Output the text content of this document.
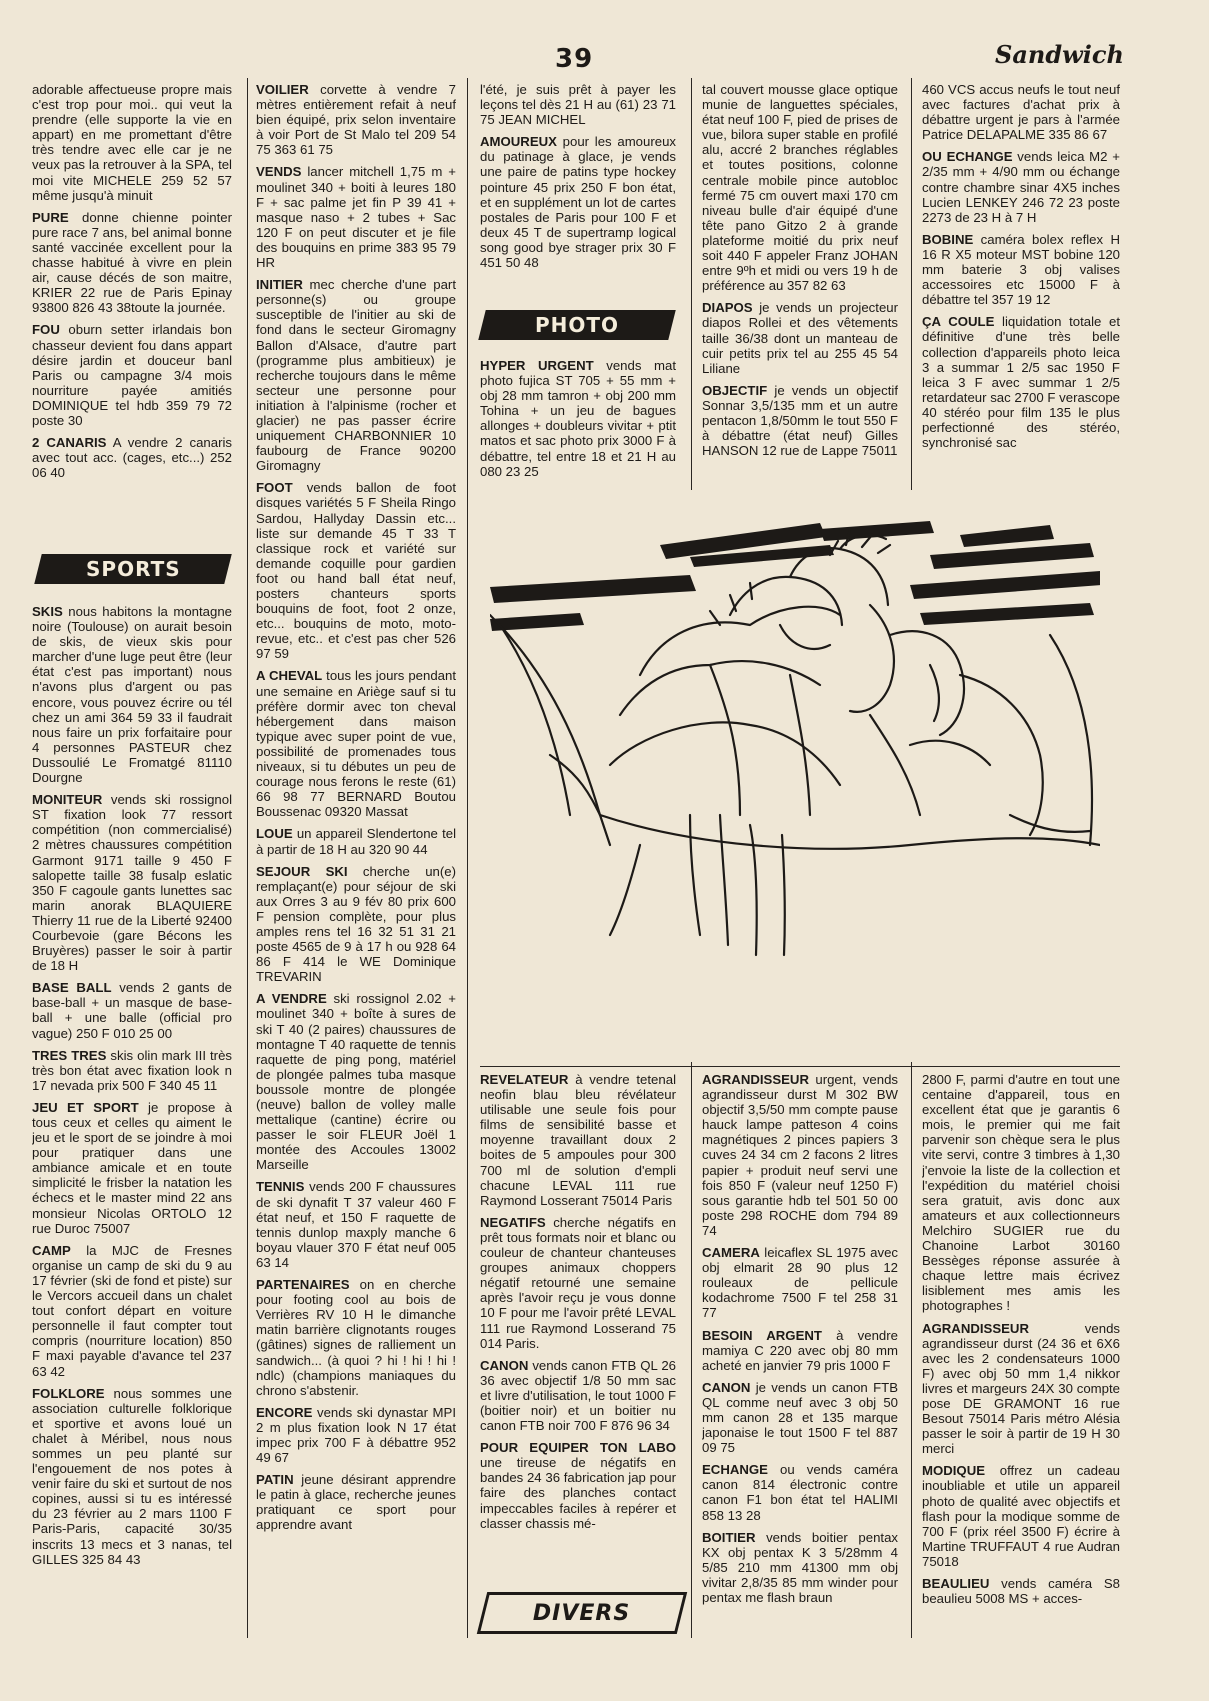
39	Sandwich

adorable affectueuse propre mais c'est trop pour moi.. qui veut la prendre (elle supporte la vie en appart) en me promettant d'être très tendre avec elle car je ne veux pas la retrouver à la SPA, tel moi vite MICHELE 259 52 57 même jusqu'à minuit

PURE donne chienne pointer pure race 7 ans, bel animal bonne santé vaccinée excellent pour la chasse habitué à vivre en plein air, cause décés de son maitre, KRIER 22 rue de Paris Epinay 93800 826 43 38toute la journée.

FOU oburn setter irlandais bon chasseur devient fou dans appart désire jardin et douceur banl Paris ou campagne 3/4 mois nourriture payée amitiés DOMINIQUE tel hdb 359 79 72 poste 30

2 CANARIS A vendre 2 canaris avec tout acc. (cages, etc...) 252 06 40

SPORTS

SKIS nous habitons la montagne noire (Toulouse) on aurait besoin de skis, de vieux skis pour marcher d'une luge peut être (leur état c'est pas important) nous n'avons plus d'argent ou pas encore, vous pouvez écrire ou tél chez un ami 364 59 33 il faudrait nous faire un prix forfaitaire pour 4 personnes PASTEUR chez Dussoulié Le Fromatgé 81110 Dourgne

MONITEUR vends ski rossignol ST fixation look 77 ressort compétition (non commercialisé) 2 mètres chaussures compétition Garmont 9171 taille 9 450 F salopette taille 38 fusalp eslatic 350 F cagoule gants lunettes sac marin anorak BLAQUIERE Thierry 11 rue de la Liberté 92400 Courbevoie (gare Bécons les Bruyères) passer le soir à partir de 18 H

BASE BALL vends 2 gants de base-ball + un masque de base-ball + une balle (official pro vague) 250 F 010 25 00

TRES TRES skis olin mark III très très bon état avec fixation look n 17 nevada prix 500 F 340 45 11

JEU ET SPORT je propose à tous ceux et celles qu aiment le jeu et le sport de se joindre à moi pour pratiquer dans une ambiance amicale et en toute simplicité le frisber la natation les échecs et le master mind 22 ans monsieur Nicolas ORTOLO 12 rue Duroc 75007

CAMP la MJC de Fresnes organise un camp de ski du 9 au 17 février (ski de fond et piste) sur le Vercors accueil dans un chalet tout confort départ en voiture personnelle il faut compter tout compris (nourriture location) 850 F maxi payable d'avance tel 237 63 42

FOLKLORE nous sommes une association culturelle folklorique et sportive et avons loué un chalet à Méribel, nous nous sommes un peu planté sur l'engouement de nos potes à venir faire du ski et surtout de nos copines, aussi si tu es intéressé du 23 février au 2 mars 1100 F Paris-Paris, capacité 30/35 inscrits 13 mecs et 3 nanas, tel GILLES 325 84 43

VOILIER corvette à vendre 7 mètres entièrement refait à neuf bien équipé, prix selon inventaire à voir Port de St Malo tel 209 54 75 363 61 75

VENDS lancer mitchell 1,75 m + moulinet 340 + boiti à leures 180 F + sac palme jet fin P 39 41 + masque naso + 2 tubes + Sac 120 F on peut discuter et je file des bouquins en prime 383 95 79 HR

INITIER mec cherche d'une part personne(s) ou groupe susceptible de l'initier au ski de fond dans le secteur Giromagny Ballon d'Alsace, d'autre part (programme plus ambitieux) je recherche toujours dans le même secteur une personne pour initiation à l'alpinisme (rocher et glacier) ne pas passer écrire uniquement CHARBONNIER 10 faubourg de France 90200 Giromagny

FOOT vends ballon de foot disques variétés 5 F Sheila Ringo Sardou, Hallyday Dassin etc... liste sur demande 45 T 33 T classique rock et variété sur demande coquille pour gardien foot ou hand ball état neuf, posters chanteurs sports bouquins de foot, foot 2 onze, etc... bouquins de moto, moto-revue, etc.. et c'est pas cher 526 97 59

A CHEVAL tous les jours pendant une semaine en Ariège sauf si tu préfère dormir avec ton cheval hébergement dans maison typique avec super point de vue, possibilité de promenades tous niveaux, si tu débutes un peu de courage nous ferons le reste (61) 66 98 77 BERNARD Boutou Boussenac 09320 Massat

LOUE un appareil Slendertone tel à partir de 18 H au 320 90 44

SEJOUR SKI cherche un(e) remplaçant(e) pour séjour de ski aux Orres 3 au 9 fév 80 prix 600 F pension complète, pour plus amples rens tel 16 32 51 31 21 poste 4565 de 9 à 17 h ou 928 64 86 F 414 le WE Dominique TREVARIN

A VENDRE ski rossignol 2.02 + moulinet 340 + boîte à sures de ski T 40 (2 paires) chaussures de montagne T 40 raquette de tennis raquette de ping pong, matériel de plongée palmes tuba masque boussole montre de plongée (neuve) ballon de volley malle mettalique (cantine) écrire ou passer le soir FLEUR Joël 1 montée des Accoules 13002 Marseille

TENNIS vends 200 F chaussures de ski dynafit T 37 valeur 460 F état neuf, et 150 F raquette de tennis dunlop maxply manche 6 boyau vlauer 370 F état neuf 005 63 14

PARTENAIRES on en cherche pour footing cool au bois de Verrières RV 10 H le dimanche matin barrière clignotants rouges (gâtines) signes de ralliement un sandwich... (à quoi ? hi ! hi ! hi ! ndlc) (champions maniaques du chrono s'abstenir.

ENCORE vends ski dynastar MPI 2 m plus fixation look N 17 état impec prix 700 F à débattre 952 49 67

PATIN jeune désirant apprendre le patin à glace, recherche jeunes pratiquant ce sport pour apprendre avant

l'été, je suis prêt à payer les leçons tel dès 21 H au (61) 23 71 75 JEAN MICHEL

AMOUREUX pour les amoureux du patinage à glace, je vends une paire de patins type hockey pointure 45 prix 250 F bon état, et en supplément un lot de cartes postales de Paris pour 100 F et deux 45 T de supertramp logical song good bye strager prix 30 F 451 50 48

PHOTO

HYPER URGENT vends mat photo fujica ST 705 + 55 mm + obj 28 mm tamron + obj 200 mm Tohina + un jeu de bagues allonges + doubleurs vivitar + ptit matos et sac photo prix 3000 F à débattre, tel entre 18 et 21 H au 080 23 25

tal couvert mousse glace optique munie de languettes spéciales, état neuf 100 F, pied de prises de vue, bilora super stable en profilé alu, accré 2 branches réglables et toutes positions, colonne centrale mobile pince autobloc fermé 75 cm ouvert maxi 170 cm niveau bulle d'air équipé d'une tête pano Gitzo 2 à grande plateforme moitié du prix neuf soit 440 F appeler Franz JOHAN entre 9ºh et midi ou vers 19 h de préférence au 357 82 63

DIAPOS je vends un projecteur diapos Rollei et des vêtements taille 36/38 dont un manteau de cuir petits prix tel au 255 45 54 Liliane

OBJECTIF je vends un objectif Sonnar 3,5/135 mm et un autre pentacon 1,8/50mm le tout 550 F à débattre (état neuf) Gilles HANSON 12 rue de Lappe 75011

460 VCS accus neufs le tout neuf avec factures d'achat prix à débattre urgent je pars à l'armée Patrice DELAPALME 335 86 67

OU ECHANGE vends leica M2 + 2/35 mm + 4/90 mm ou échange contre chambre sinar 4X5 inches Lucien LENKEY 246 72 23 poste 2273 de 23 H à 7 H

BOBINE caméra bolex reflex H 16 R X5 moteur MST bobine 120 mm baterie 3 obj valises accessoires etc 15000 F à débattre tel 357 19 12

ÇA COULE liquidation totale et définitive d'une très belle collection d'appareils photo leica 3 a summar 1 2/5 sac 1950 F leica 3 F avec summar 1 2/5 retardateur sac 2700 F verascope 40 stéréo pour film 135 le plus perfectionné des stéréo, synchronisé sac

REVELATEUR à vendre tetenal neofin blau bleu révélateur utilisable une seule fois pour films de sensibilité basse et moyenne travaillant doux 2 boites de 5 ampoules pour 300 700 ml de solution d'empli chacune LEVAL 111 rue Raymond Losserant 75014 Paris

NEGATIFS cherche négatifs en prêt tous formats noir et blanc ou couleur de chanteur chanteuses groupes animaux choppers négatif retourné une semaine après l'avoir reçu je vous donne 10 F pour me l'avoir prêté LEVAL 111 rue Raymond Losserand 75 014 Paris.

CANON vends canon FTB QL 26 36 avec objectif 1/8 50 mm sac et livre d'utilisation, le tout 1000 F (boitier noir) et un boitier nu canon FTB noir 700 F 876 96 34

POUR EQUIPER TON LABO une tireuse de négatifs en bandes 24 36 fabrication jap pour faire des planches contact impeccables faciles à repérer et classer chassis mé-

DIVERS

AGRANDISSEUR urgent, vends agrandisseur durst M 302 BW objectif 3,5/50 mm compte pause hauck lampe patteson 4 coins magnétiques 2 pinces papiers 3 cuves 24 34 cm 2 facons 2 litres papier + produit neuf servi une fois 850 F (valeur neuf 1250 F) sous garantie hdb tel 501 50 00 poste 298 ROCHE dom 794 89 74

CAMERA leicaflex SL 1975 avec obj elmarit 28 90 plus 12 rouleaux de pellicule kodachrome 7500 F tel 258 31 77

BESOIN ARGENT à vendre mamiya C 220 avec obj 80 mm acheté en janvier 79 pris 1000 F

CANON je vends un canon FTB QL comme neuf avec 3 obj 50 mm canon 28 et 135 marque japonaise le tout 1500 F tel 887 09 75

ECHANGE ou vends caméra canon 814 électronic contre canon F1 bon état tel HALIMI 858 13 28

BOITIER vends boitier pentax KX obj pentax K 3 5/28mm 4 5/85 210 mm 41300 mm obj vivitar 2,8/35 85 mm winder pour pentax me flash braun

2800 F, parmi d'autre en tout une centaine d'appareil, tous en excellent état que je garantis 6 mois, le premier qui me fait parvenir son chèque sera le plus vite servi, contre 3 timbres à 1,30 j'envoie la liste de la collection et l'expédition du matériel choisi sera gratuit, avis donc aux amateurs et aux collectionneurs Melchiro SUGIER rue du Chanoine Larbot 30160 Bessèges réponse assurée à chaque lettre mais écrivez lisiblement mes amis les photographes !

AGRANDISSEUR vends agrandisseur durst (24 36 et 6X6 avec les 2 condensateurs 1000 F) avec obj 50 mm 1,4 nikkor livres et margeurs 24X 30 compte pose DE GRAMONT 16 rue Besout 75014 Paris métro Alésia passer le soir à partir de 19 H 30 merci

MODIQUE offrez un cadeau inoubliable et utile un appareil photo de qualité avec objectifs et flash pour la modique somme de 700 F (prix réel 3500 F) écrire à Martine TRUFFAUT 4 rue Audran 75018

BEAULIEU vends caméra S8 beaulieu 5008 MS + acces-
